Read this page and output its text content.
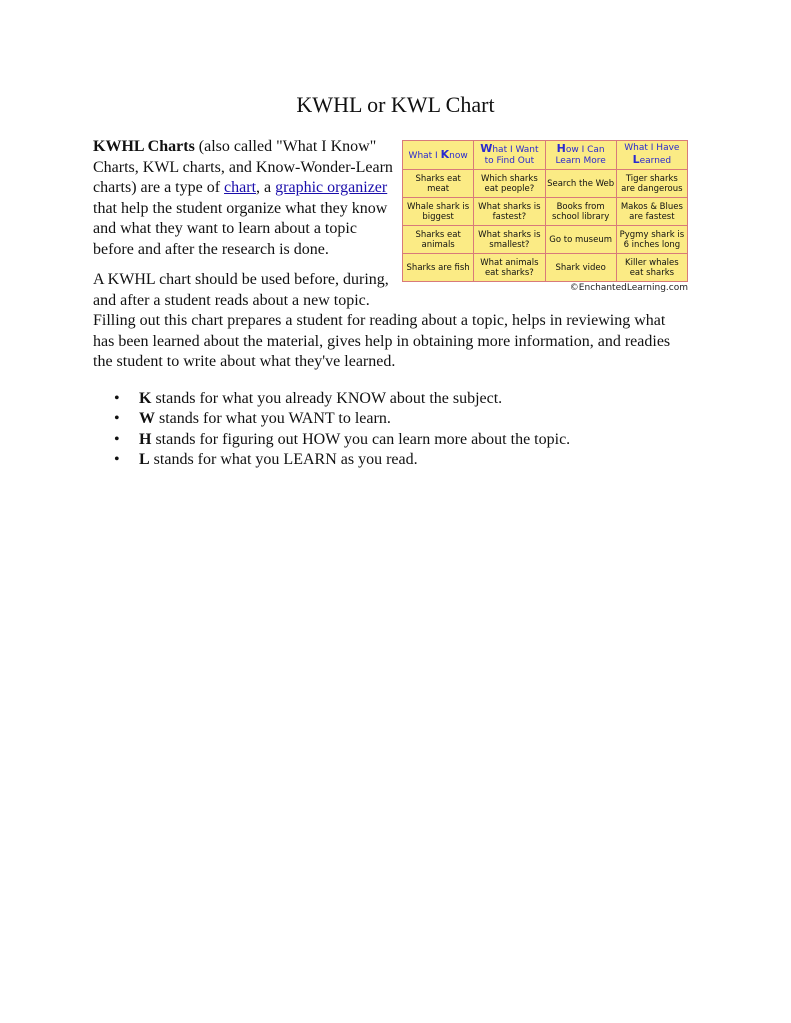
KWHL or KWL Chart
What I Know	What I Want to Find Out	How I Can Learn More	What I Have Learned
Sharks eat meat	Which sharks eat people?	Search the Web	Tiger sharks are dangerous
Whale shark is biggest	What sharks is fastest?	Books from school library	Makos & Blues are fastest
Sharks eat animals	What sharks is smallest?	Go to museum	Pygmy shark is 6 inches long
Sharks are fish	What animals eat sharks?	Shark video	Killer whales eat sharks
©EnchantedLearning.com

KWHL Charts (also called "What I Know" Charts, KWL charts, and Know-Wonder-Learn charts) are a type of chart, a graphic organizer that help the student organize what they know and what they want to learn about a topic before and after the research is done.

A KWHL chart should be used before, during, and after a student reads about a new topic. Filling out this chart prepares a student for reading about a topic, helps in reviewing what has been learned about the material, gives help in obtaining more information, and readies the student to write about what they've learned.

• K stands for what you already KNOW about the subject.
• W stands for what you WANT to learn.
• H stands for figuring out HOW you can learn more about the topic.
• L stands for what you LEARN as you read.
